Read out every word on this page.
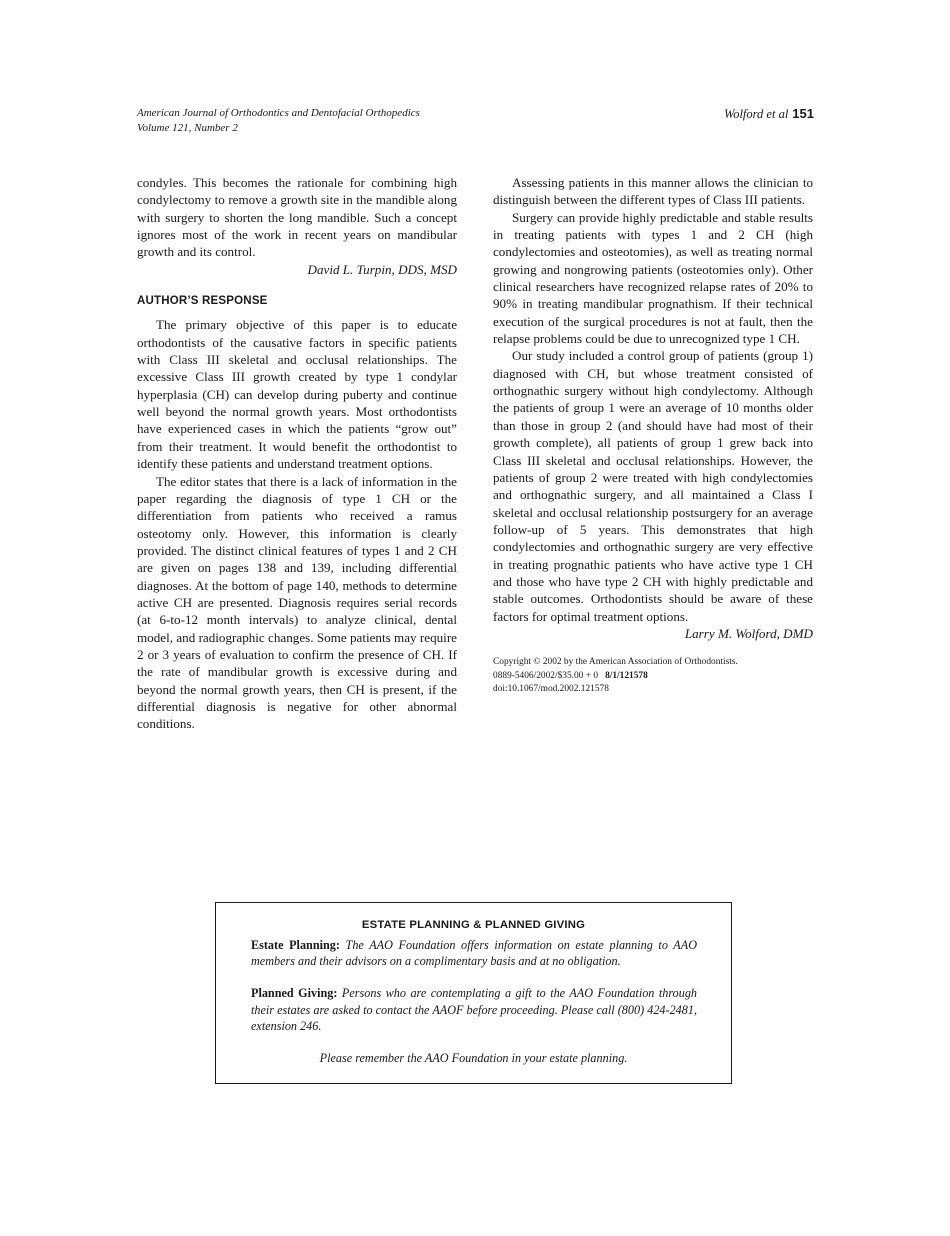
American Journal of Orthodontics and Dentofacial Orthopedics
Volume 121, Number 2
Wolford et al 151

condyles. This becomes the rationale for combining high condylectomy to remove a growth site in the mandible along with surgery to shorten the long mandible. Such a concept ignores most of the work in recent years on mandibular growth and its control.

David L. Turpin, DDS, MSD
AUTHOR’S RESPONSE

The primary objective of this paper is to educate orthodontists of the causative factors in specific patients with Class III skeletal and occlusal relationships. The excessive Class III growth created by type 1 condylar hyperplasia (CH) can develop during puberty and continue well beyond the normal growth years. Most orthodontists have experienced cases in which the patients “grow out” from their treatment. It would benefit the orthodontist to identify these patients and understand treatment options.

The editor states that there is a lack of information in the paper regarding the diagnosis of type 1 CH or the differentiation from patients who received a ramus osteotomy only. However, this information is clearly provided. The distinct clinical features of types 1 and 2 CH are given on pages 138 and 139, including differential diagnoses. At the bottom of page 140, methods to determine active CH are presented. Diagnosis requires serial records (at 6-to-12 month intervals) to analyze clinical, dental model, and radiographic changes. Some patients may require 2 or 3 years of evaluation to confirm the presence of CH. If the rate of mandibular growth is excessive during and beyond the normal growth years, then CH is present, if the differential diagnosis is negative for other abnormal conditions.

Assessing patients in this manner allows the clinician to distinguish between the different types of Class III patients.

Surgery can provide highly predictable and stable results in treating patients with types 1 and 2 CH (high condylectomies and osteotomies), as well as treating normal growing and nongrowing patients (osteotomies only). Other clinical researchers have recognized relapse rates of 20% to 90% in treating mandibular prognathism. If their technical execution of the surgical procedures is not at fault, then the relapse problems could be due to unrecognized type 1 CH.

Our study included a control group of patients (group 1) diagnosed with CH, but whose treatment consisted of orthognathic surgery without high condylectomy. Although the patients of group 1 were an average of 10 months older than those in group 2 (and should have had most of their growth complete), all patients of group 1 grew back into Class III skeletal and occlusal relationships. However, the patients of group 2 were treated with high condylectomies and orthognathic surgery, and all maintained a Class I skeletal and occlusal relationship postsurgery for an average follow-up of 5 years. This demonstrates that high condylectomies and orthognathic surgery are very effective in treating prognathic patients who have active type 1 CH and those who have type 2 CH with highly predictable and stable outcomes. Orthodontists should be aware of these factors for optimal treatment options.

Larry M. Wolford, DMD
Copyright © 2002 by the American Association of Orthodontists.
0889-5406/2002/$35.00 + 0 8/1/121578
doi:10.1067/mod.2002.121578
ESTATE PLANNING & PLANNED GIVING

Estate Planning: The AAO Foundation offers information on estate planning to AAO members and their advisors on a complimentary basis and at no obligation.

Planned Giving: Persons who are contemplating a gift to the AAO Foundation through their estates are asked to contact the AAOF before proceeding. Please call (800) 424-2481, extension 246.

Please remember the AAO Foundation in your estate planning.
